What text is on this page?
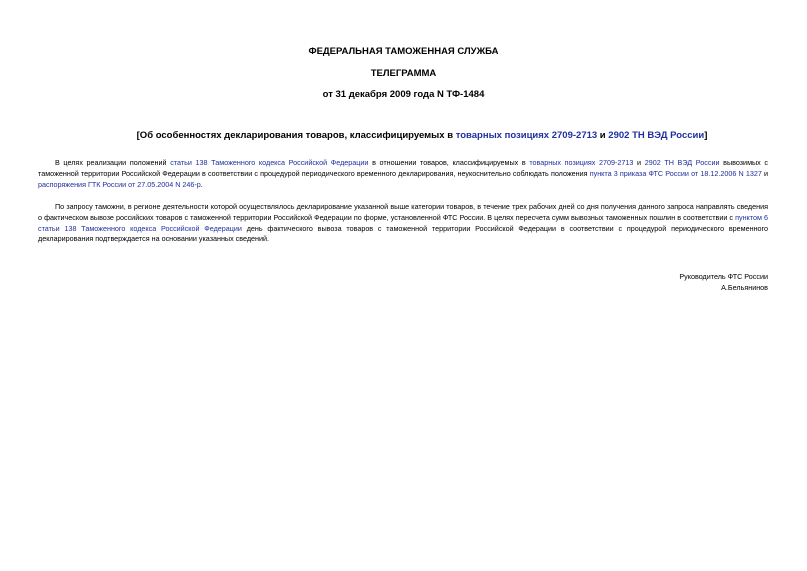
ФЕДЕРАЛЬНАЯ ТАМОЖЕННАЯ СЛУЖБА
ТЕЛЕГРАММА
от 31 декабря 2009 года N ТФ-1484
[Об особенностях декларирования товаров, классифицируемых в товарных позициях 2709-2713 и 2902 ТН ВЭД России]
В целях реализации положений статьи 138 Таможенного кодекса Российской Федерации в отношении товаров, классифицируемых в товарных позициях 2709-2713 и 2902 ТН ВЭД России вывозимых с таможенной территории Российской Федерации в соответствии с процедурой периодического временного декларирования, неукоснительно соблюдать положения пункта 3 приказа ФТС России от 18.12.2006 N 1327 и распоряжения ГТК России от 27.05.2004 N 246-р.
По запросу таможни, в регионе деятельности которой осуществлялось декларирование указанной выше категории товаров, в течение трех рабочих дней со дня получения данного запроса направлять сведения о фактическом вывозе российских товаров с таможенной территории Российской Федерации по форме, установленной ФТС России. В целях пересчета сумм вывозных таможенных пошлин в соответствии с пунктом 6 статьи 138 Таможенного кодекса Российской Федерации день фактического вывоза товаров с таможенной территории Российской Федерации в соответствии с процедурой периодического временного декларирования подтверждается на основании указанных сведений.
Руководитель ФТС России
А.Бельянинов
